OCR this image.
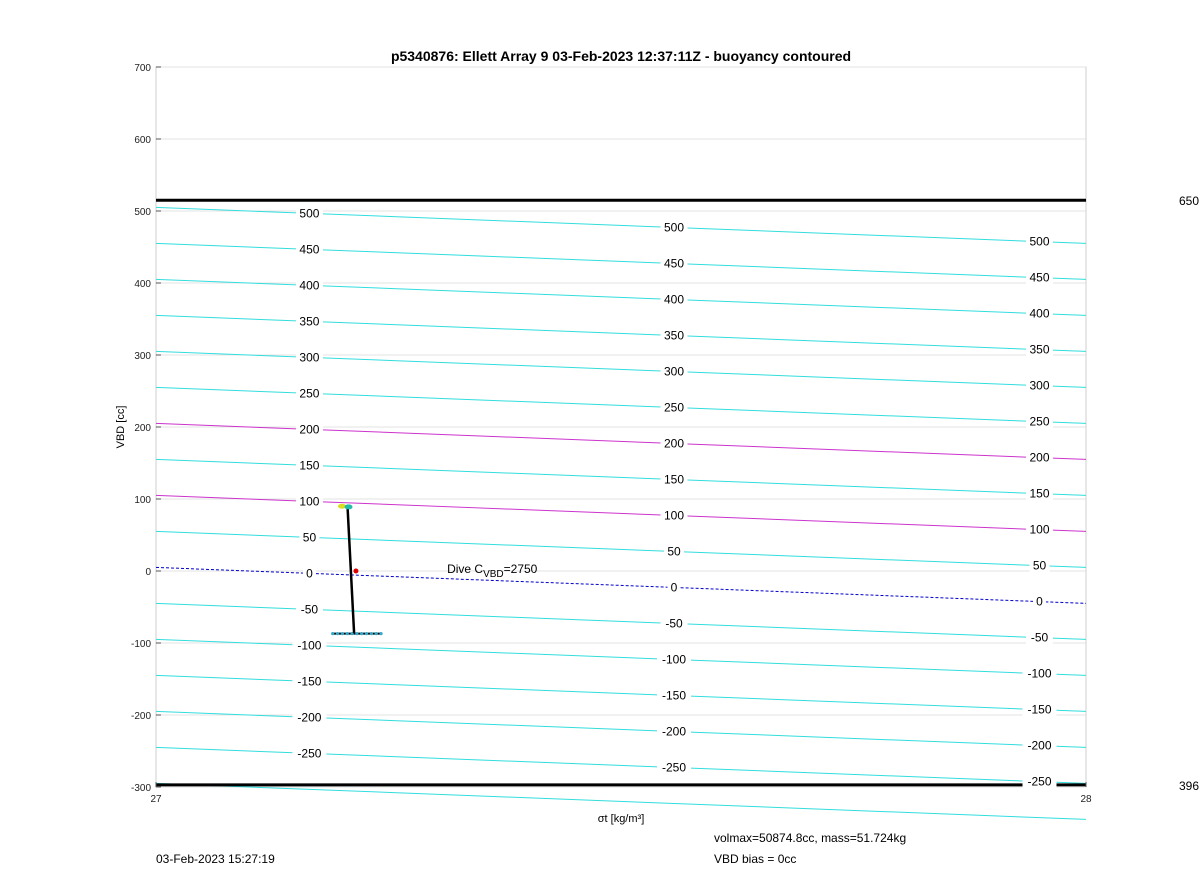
650
396
-250
-250
-250
-200
-200
-200
-150
-150
-150
-100
-100
-100
-50
-50
-50
0
0
0
50
50
50
100
100
100
150
150
150
200
200
200
250
250
250
300
300
300
350
350
350
400
400
400
450
450
450
500
500
500
Dive $C_{VBD}=2750$
-300
-200
-100
0
100
200
300
400
500
600
700
27	28
p5340876: Ellett Array 9 03-Feb-2023 12:37:11Z - buoyancy contoured
VBD [cc]
σt [kg/m³]
03-Feb-2023 15:27:19
volmax=50874.8cc, mass=51.724kg
VBD bias = 0cc
